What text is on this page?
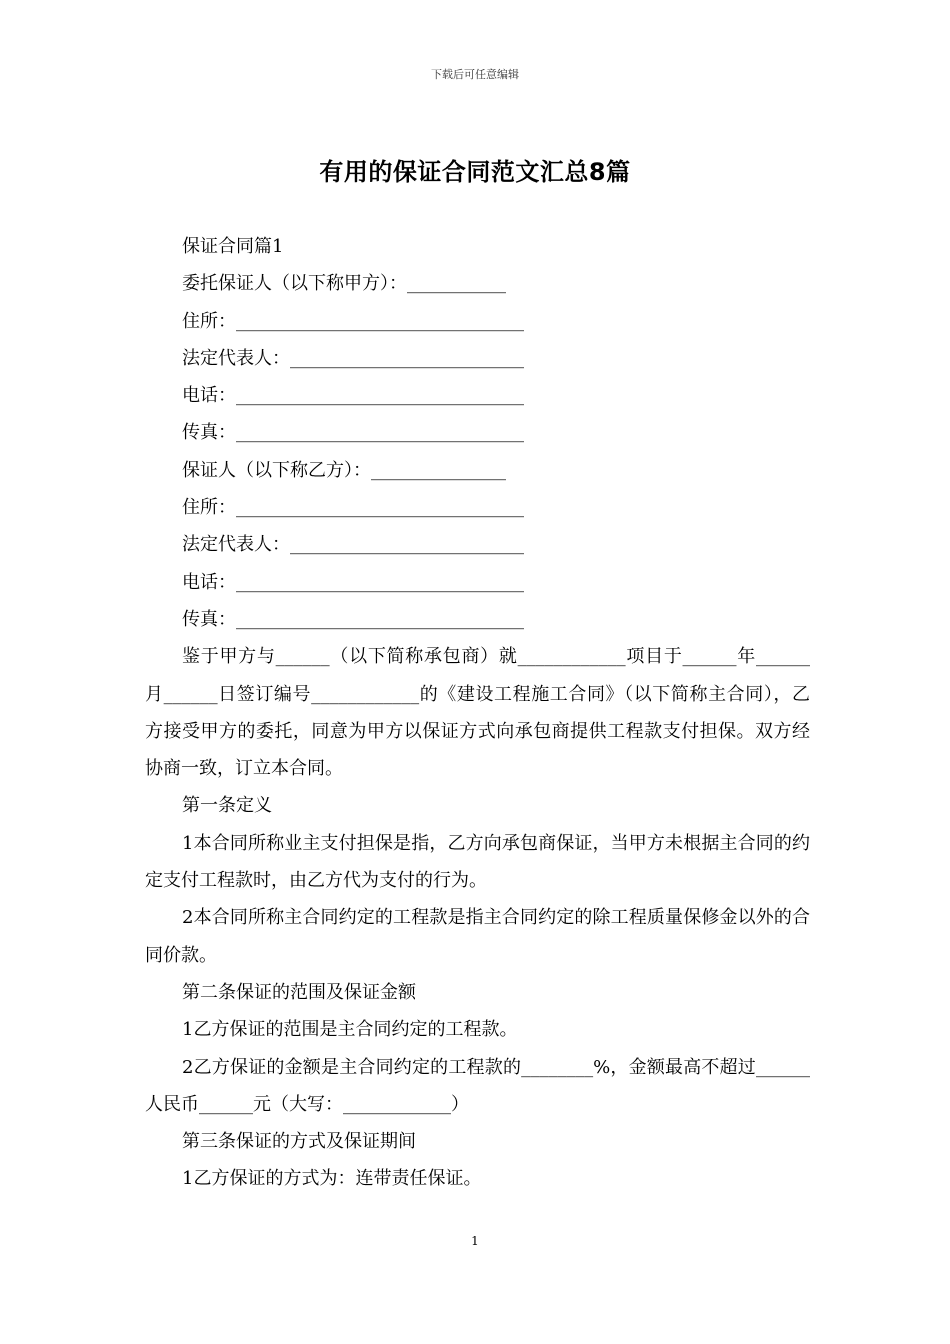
下载后可任意编辑
有用的保证合同范文汇总8篇
保证合同篇1
委托保证人（以下称甲方）：___________
住所：________________________________
法定代表人：__________________________
电话：________________________________
传真：________________________________
保证人（以下称乙方）：_______________
住所：________________________________
法定代表人：__________________________
电话：________________________________
传真：________________________________
鉴于甲方与______（以下简称承包商）就____________项目于______年______月______日签订编号____________的《建设工程施工合同》（以下简称主合同），乙方接受甲方的委托，同意为甲方以保证方式向承包商提供工程款支付担保。双方经协商一致，订立本合同。
第一条定义
1本合同所称业主支付担保是指，乙方向承包商保证，当甲方未根据主合同的约定支付工程款时，由乙方代为支付的行为。
2本合同所称主合同约定的工程款是指主合同约定的除工程质量保修金以外的合同价款。
第二条保证的范围及保证金额
1乙方保证的范围是主合同约定的工程款。
2乙方保证的金额是主合同约定的工程款的________%，金额最高不超过______人民币______元（大写：____________）
第三条保证的方式及保证期间
1乙方保证的方式为：连带责任保证。
1
